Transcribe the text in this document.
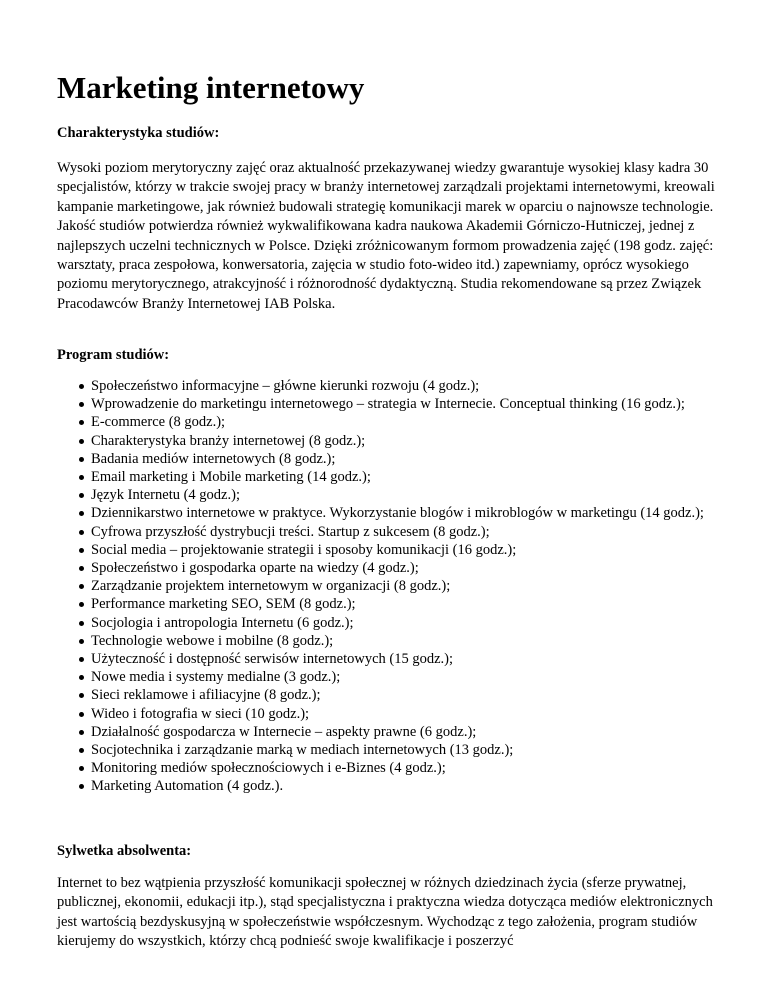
Marketing internetowy

Charakterystyka studiów:

Wysoki poziom merytoryczny zajęć oraz aktualność przekazywanej wiedzy gwarantuje wysokiej klasy kadra 30 specjalistów, którzy w trakcie swojej pracy w branży internetowej zarządzali projektami internetowymi, kreowali kampanie marketingowe, jak również budowali strategię komunikacji marek w oparciu o najnowsze technologie. Jakość studiów potwierdza również wykwalifikowana kadra naukowa Akademii Górniczo-Hutniczej, jednej z najlepszych uczelni technicznych w Polsce. Dzięki zróżnicowanym formom prowadzenia zajęć (198 godz. zajęć: warsztaty, praca zespołowa, konwersatoria, zajęcia w studio foto-wideo itd.) zapewniamy, oprócz wysokiego poziomu merytorycznego, atrakcyjność i różnorodność dydaktyczną. Studia rekomendowane są przez Związek Pracodawców Branży Internetowej IAB Polska.

Program studiów:

Społeczeństwo informacyjne – główne kierunki rozwoju (4 godz.);
Wprowadzenie do marketingu internetowego – strategia w Internecie. Conceptual thinking (16 godz.);
E-commerce (8 godz.);
Charakterystyka branży internetowej (8 godz.);
Badania mediów internetowych (8 godz.);
Email marketing i Mobile marketing (14 godz.);
Język Internetu (4 godz.);
Dziennikarstwo internetowe w praktyce. Wykorzystanie blogów i mikroblogów w marketingu (14 godz.);
Cyfrowa przyszłość dystrybucji treści. Startup z sukcesem (8 godz.);
Social media – projektowanie strategii i sposoby komunikacji (16 godz.);
Społeczeństwo i gospodarka oparte na wiedzy (4 godz.);
Zarządzanie projektem internetowym w organizacji (8 godz.);
Performance marketing SEO, SEM (8 godz.);
Socjologia i antropologia Internetu (6 godz.);
Technologie webowe i mobilne (8 godz.);
Użyteczność i dostępność serwisów internetowych (15 godz.);
Nowe media i systemy medialne (3 godz.);
Sieci reklamowe i afiliacyjne (8 godz.);
Wideo i fotografia w sieci (10 godz.);
Działalność gospodarcza w Internecie – aspekty prawne (6 godz.);
Socjotechnika i zarządzanie marką w mediach internetowych (13 godz.);
Monitoring mediów społecznościowych i e-Biznes (4 godz.);
Marketing Automation (4 godz.).

Sylwetka absolwenta:

Internet to bez wątpienia przyszłość komunikacji społecznej w różnych dziedzinach życia (sferze prywatnej, publicznej, ekonomii, edukacji itp.), stąd specjalistyczna i praktyczna wiedza dotycząca mediów elektronicznych jest wartością bezdyskusyjną w społeczeństwie współczesnym. Wychodząc z tego założenia, program studiów kierujemy do wszystkich, którzy chcą podnieść swoje kwalifikacje i poszerzyć
